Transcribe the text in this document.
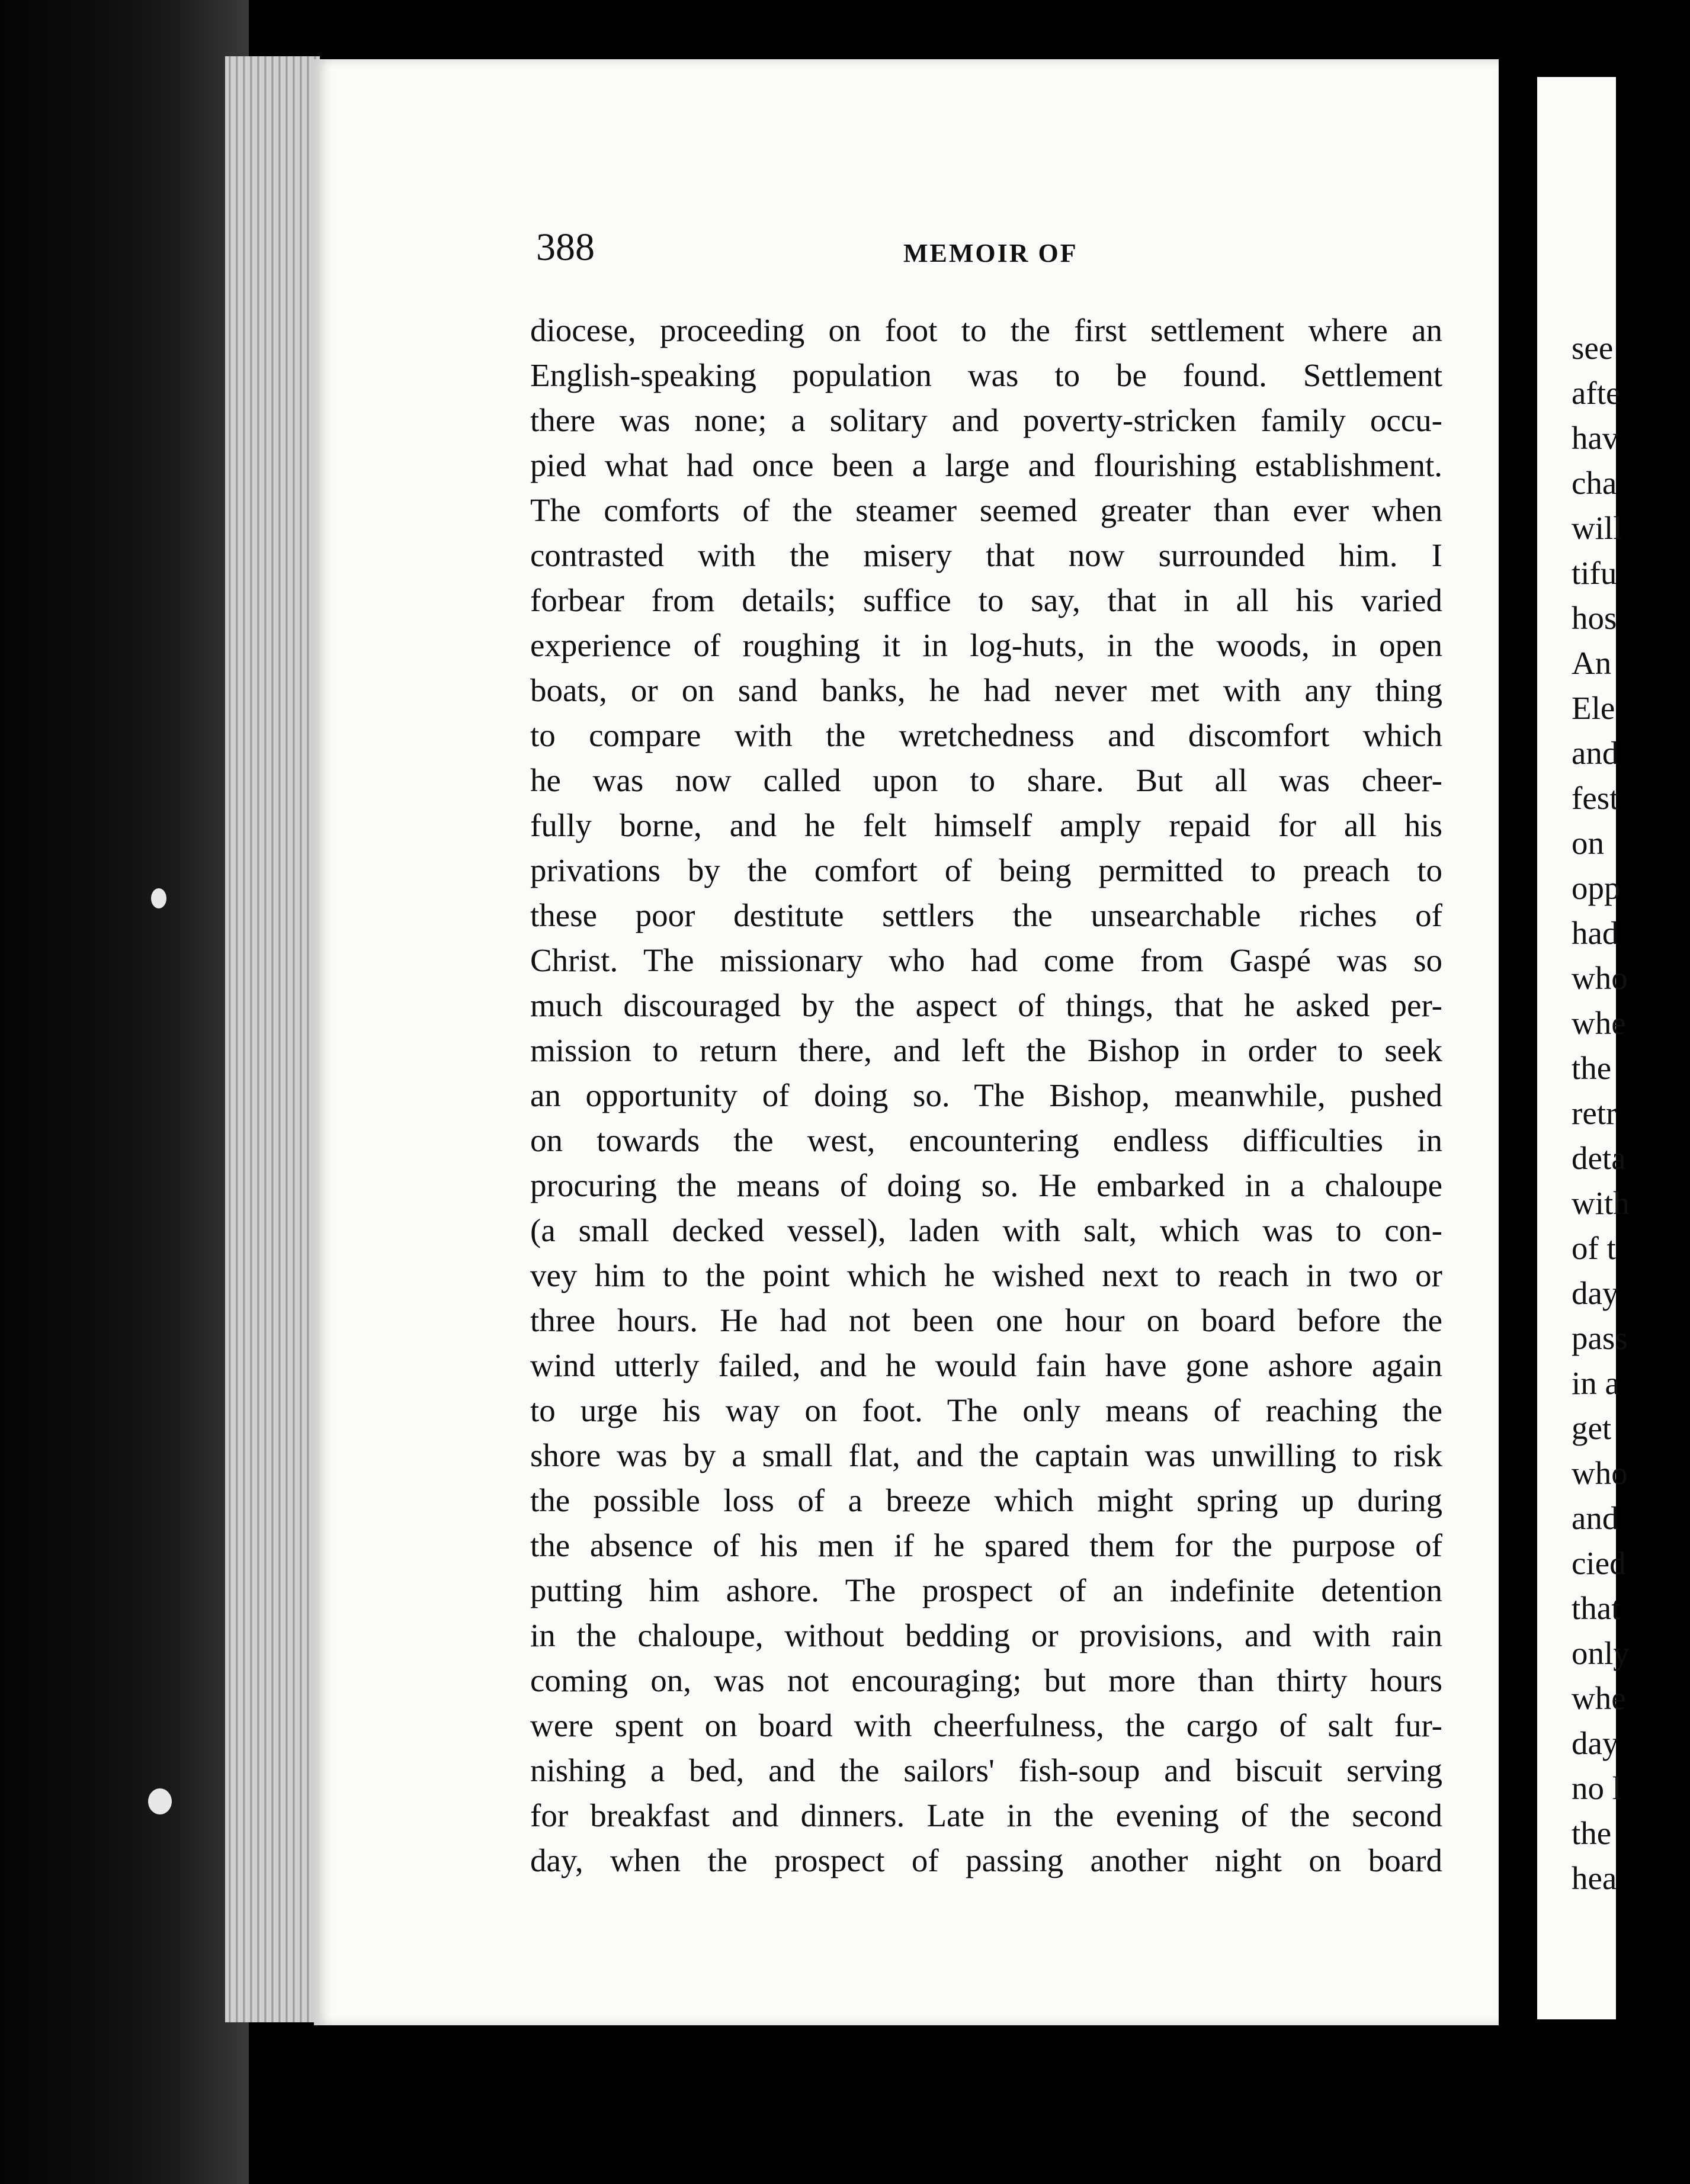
see
afte
hav
cha
will
tifu
hos
An
Ele
and
fest
on
opp
had
who
whe
the
retr
deta
with
of t
day
pass
in a
get
who
and
cied
that
only
whe
day
no l
the
hea
388	MEMOIR OF
diocese, proceeding on foot to the first settlement where an
English-speaking population was to be found. Settlement
there was none; a solitary and poverty-stricken family occu-
pied what had once been a large and flourishing establishment.
The comforts of the steamer seemed greater than ever when
contrasted with the misery that now surrounded him. I
forbear from details; suffice to say, that in all his varied
experience of roughing it in log-huts, in the woods, in open
boats, or on sand banks, he had never met with any thing
to compare with the wretchedness and discomfort which
he was now called upon to share. But all was cheer-
fully borne, and he felt himself amply repaid for all his
privations by the comfort of being permitted to preach to
these poor destitute settlers the unsearchable riches of
Christ. The missionary who had come from Gaspé was so
much discouraged by the aspect of things, that he asked per-
mission to return there, and left the Bishop in order to seek
an opportunity of doing so. The Bishop, meanwhile, pushed
on towards the west, encountering endless difficulties in
procuring the means of doing so. He embarked in a chaloupe
(a small decked vessel), laden with salt, which was to con-
vey him to the point which he wished next to reach in two or
three hours. He had not been one hour on board before the
wind utterly failed, and he would fain have gone ashore again
to urge his way on foot. The only means of reaching the
shore was by a small flat, and the captain was unwilling to risk
the possible loss of a breeze which might spring up during
the absence of his men if he spared them for the purpose of
putting him ashore. The prospect of an indefinite detention
in the chaloupe, without bedding or provisions, and with rain
coming on, was not encouraging; but more than thirty hours
were spent on board with cheerfulness, the cargo of salt fur-
nishing a bed, and the sailors' fish-soup and biscuit serving
for breakfast and dinners. Late in the evening of the second
day, when the prospect of passing another night on board
